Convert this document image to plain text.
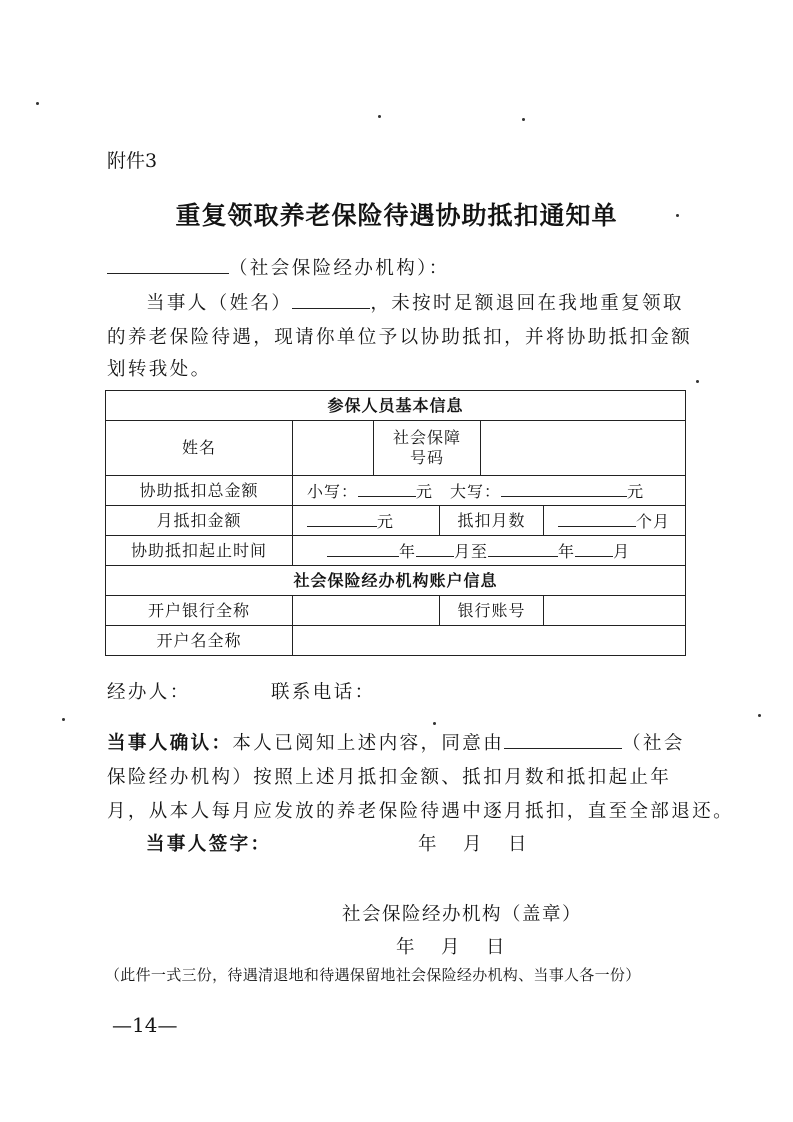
附件3
重复领取养老保险待遇协助抵扣通知单
（社会保险经办机构）：
当事人（姓名）	，未按时足额退回在我地重复领取
的养老保险待遇，现请你单位予以协助抵扣，并将协助抵扣金额
划转我处。
参保人员基本信息					
姓名		社会保障
号码			
协助抵扣总金额	小写： 元　 大写： 元				
月抵扣金额	元		抵扣月数		个月
协助抵扣起止时间	年 月至 年 月				
社会保险经办机构账户信息					
开户银行全称			银行账号		
开户名全称					
经办人：	联系电话：
当事人确认：本人已阅知上述内容，同意由	（社会
保险经办机构）按照上述月抵扣金额、抵扣月数和抵扣起止年
月，从本人每月应发放的养老保险待遇中逐月抵扣，直至全部退还。
当事人签字：	年　月　日
社会保险经办机构（盖章）
年　月　日
（此件一式三份，待遇清退地和待遇保留地社会保险经办机构、当事人各一份）
—14—
